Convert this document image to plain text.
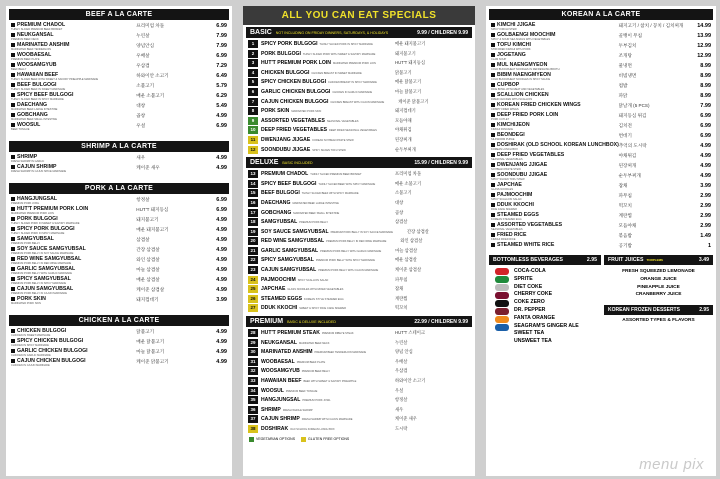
BEEF A LA CARTE
PREMIUM CHADOL
THINLY SLICED PREMIUM BEEF BRISKET
프리미엄 차돌	6.99
NEUKGANSAL
PREMIUM BEEF NECK
누린살	7.99
MARINATED ANSHIM
MARINATED BEEF TENDERLOIN
양념안심	7.99
WOOBAESAL
PREMIUM BEEF PLATE
우배살	6.99
WOOSAMGYUB
BEEF BELLY
우삼겹	7.29
HAWAIIAN BEEF
THINLY SLICED BEEF WITH SWEET & SAVORY PINEAPPLE MARINADE
하와이안 소고기	6.49
BEEF BULGOGI
THINLY SLICED BEEF IN SWEET MARINADE
소불고기	5.79
SPICY BEEF BULGOGI
THINLY SLICED BEEF IN SPICY MARINADE
매운 소불고기	6.29
DAECHANG
MARINATED BEEF LARGE INTESTINE
대창	5.49
GOBCHANG
MARINATED BEEF SMALL INTESTINE
곱창	4.99
WOOSUL
BEEF TONGUE
우설	6.99
SHRIMP A LA CARTE
SHRIMP
FRESH SHRIMP IN GARLIC
새우	4.99
CAJUN SHRIMP
FRESH SHRIMP IN CAJUN SPICE MARINADE
케이준 새우	4.99
PORK A LA CARTE
HANGJUNGSAL
PREMIUM PORK JOWL
항정살	6.99
HUT'T PREMIUM PORK LOIN
MARINATED PREMIUM PORK LOIN
HUT'T 돼지등심	6.99
PORK BULGOGI
THINLY SLICED PORK IN SWEET & SAVORY MARINADE
돼지불고기	4.99
SPICY PORK BULGOGI
THINLY SLICED PORK IN SPICY MARINADE
매운 돼지불고기	4.99
SAMGYUBSAL
PREMIUM PORK BELLY
삼겹살	4.99
SOY SAUCE SAMGYUBSAL
PREMIUM PORK BELLY IN SOY SAUCE MARINADE
간장 삼겹살	4.99
RED WINE SAMGYUBSAL
PREMIUM PORK BELLY IN RED WINE MARINADE
와인 삼겹살	4.99
GARLIC SAMGYUBSAL
PREMIUM PORK BELLY WITH GARLIC MARINADE
마늘 삼겹살	4.99
SPICY SAMGYUBSAL
PREMIUM PORK BELLY IN SPICY MARINADE
매운 삼겹살	4.99
CAJUN SAMGYUBSAL
PREMIUM PORK BELLY IN CAJUN MARINADE
케이준 삼겹살	4.99
PORK SKIN
MARINATED PORK SKIN
돼지껍데기	3.99
CHICKEN A LA CARTE
CHICKEN BULGOGI
CHICKEN IN SWEET MARINADE
닭불고기	4.99
SPICY CHICKEN BULGOGI
CHICKEN IN SPICY MARINADE
매운 닭불고기	4.99
GARLIC CHICKEN BULGOGI
CHICKEN IN GARLIC MARINADE
마늘 닭불고기	4.99
CAJUN CHICKEN BULGOGI
CHICKEN IN CAJUN MARINADE
케이준 닭불고기	4.99
ALL YOU CAN EAT SPECIALS
BASIC NOT INCLUDING ON FRIDAY DINNERS, SATURDAYS, & HOLIDAYS	9.99 / CHILDREN 9.99
1	SPICY PORK BULGOGI THINLY SLICED PORK IN SPICY MARINADE	매운 돼지불고기
2	PORK BULGOGI THINLY SLICED PORK WITH SWEET & SAVORY MARINADE	돼지불고기
3	HUT'T PREMIUM PORK LOIN MARINATED PREMIUM PORK LOIN	HUT'T 돼지등심
4	CHICKEN BULGOGI CHICKEN BREAST IN SWEET MARINADE	닭불고기
5	SPICY CHICKEN BULGOGI CHICKEN BREAST IN SPICY MARINADE	매운 닭불고기
6	GARLIC CHICKEN BULGOGI CHICKEN IN GARLIC MARINADE	마늘 닭불고기
7	CAJUN CHICKEN BULGOGI CHICKEN BREAST WITH CAJUN MARINADE	케이준 닭불고기
8	PORK SKIN MARINATED PORK SKIN	돼지껍데기
9	ASSORTED VEGETABLES SEASONAL VEGETABLES	모듬야채
10	DEEP FRIED VEGETABLES DEEP FRIED SEASONAL VEGETABLES	야채튀김
11	DWENJANG JIJGAE KOREAN SOYBEAN PASTE STEW	된장찌개
12	SOONDUBU JIJGAE SPICY SILKEN TOFU STEW	순두부찌개
DELUXE BASIC INCLUDED	15.99 / CHILDREN 9.99
13	PREMIUM CHADOL THINLY SLICED PREMIUM BEEF BRISKET	프리미엄 차돌
14	SPICY BEEF BULGOGI THINLY SLICED BEEF WITH SPICY MARINADE	매운 소불고기
15	BEEF BULGOGI THINLY SLICED BEEF WITH SPICY MARINADE	소불고기
16	DAECHANG MARINATED BEEF LARGE INTESTINE	대창
17	GOBCHANG MARINATED BEEF SMALL INTESTINE	곱창
18	SAMGYUBSAL PREMIUM PORK BELLY	삼겹살
19	SOY SAUCE SAMGYUBSAL PREMIUM PORK BELLY IN SOY SAUCE MARINADE	간장 삼겹살
20	RED WINE SAMGYUBSAL PREMIUM PORK BELLY IN RED WINE MARINADE	와인 삼겹살
21	GARLIC SAMGYUBSAL PREMIUM PORK BELLY WITH GARLIC MARINADE	마늘 삼겹살
22	SPICY SAMGYUBSAL PREMIUM PORK BELLY WITH SPICY MARINADE	매운 삼겹살
23	CAJUN SAMGYUBSAL PREMIUM PORK BELLY WITH CAJUN MARINADE	케이준 삼겹살
24	PAJMOOCHIM SPICY SCALLION SALAD	파무침
25	JAPCHAE GLASS NOODLES WITH MIXED VEGETABLES	잡채
26	STEAMED EGGS KOREAN STYLE STEAMED EGG	계란찜
27	DDUK KKOCHI SWEET & SPICY RICE CAKE SKEWER	떡꼬치
PREMIUM BASIC & DELUXE INCLUDED	22.99 / CHILDREN 9.99
28	HUT'T PREMIUM STEAK PREMIUM RIBEYE STEAK	HUT'T 스테이크
29	NEUKGANSAL MARINATED BEEF NECK	누린살
30	MARINATED ANSHIM PREMIUM BEEF TENDERLOIN MARINADE	양념 안심
31	WOOBAESAL PREMIUM BEEF PLATE	우배살
32	WOOSAMGYUB PREMIUM BEEF BELLY	우삼겹
33	HAWAIIAN BEEF BEEF WITH SWEET & SAVORY PINEAPPLE	하와이안 소고기
34	WOOSUL PREMIUM BEEF TONGUE	우설
35	HANGJUNGSAL PREMIUM PORK JOWL	항정살
36	SHRIMP FRESH WHOLE SHRIMP	새우
37	CAJUN SHRIMP FRESH SHRIMP WITH CAJUN MARINADE	케이준 새우
38	DOSHIRAK OLD SCHOOL KOREAN LUNCH BOX	도시락
VEGETARIAN OPTIONS	GLUTEN FREE OPTIONS
KOREAN A LA CARTE
KIMCHI JJIGAE
SPICY KIMCHI STEW
돼지고기 / 참치 / 꽁치 / 김치찌개	14.99
GOLBAENGI MOOCHIM
SPICY & SOUR SEA SNAILS WITH VEGETABLES
골뱅이 무침	13.99
TOFU KIMCHI
STIR FRIED KIMCHI WITH PORK
두부김치	12.99
JOGETANG
CLAM SOUP
조개탕	12.99
MUL NAENGMYEON
COLD BUCKWHEAT NOODLES IN REFRESHING BROTH
물냉면	8.99
BIBIM NAENGMYEON
COLD BUCKWHEAT NOODLES IN SPICY SAUCE
비빔냉면	8.99
CUPBOP
RICE BOWL WITH MEAT AND VEGETABLES
컵밥	8.99
SCALLION CHICKEN
FRIED CHICKEN WITH SCALLION
파닭	8.99
KOREAN FRIED CHICKEN WINGS
CRISPY FRIED WINGS
닭날개 (5 PCS)	7.99
DEEP FRIED PORK LOIN
PORK CUTLET
돼지등심 튀김	6.99
KIMCHIJEON
KIMCHI PANCAKE
김치전	6.99
BEONDEGI
SILKWORM PUPAE
번데기	6.99
DOSHIRAK (OLD SCHOOL KOREAN LUNCHBOX)
KOREAN LUNCH BOX
추억의 도시락	4.99
DEEP FRIED VEGETABLES
SEASONAL VEGETABLES
야채튀김	4.99
DWENJANG JJIGAE
SOYBEAN PASTE STEW
된장찌개	4.99
SOONDUBU JJIGAE
SPICY SILKEN TOFU STEW
순두부찌개	4.99
JAPCHAE
GLASS NOODLES
잡채	3.99
PAJMOOCHIM
SPICY SCALLION SALAD
파무침	2.99
DDUK KKOCHI
RICE CAKE SKEWER
떡꼬치	2.99
STEAMED EGGS
KOREAN STEAMED EGG
계란찜	2.99
ASSORTED VEGETABLES
SEASONAL VEGETABLES
모듬야채	2.99
FRIED RICE
KIMCHI FRIED RICE
볶음밥	1.49
STEAMED WHITE RICE	공기밥	1
BOTTOMLESS BEVERAGES	2.95
COCA-COLA
SPRITE
DIET COKE
CHERRY COKE
COKE ZERO
DR. PEPPER
FANTA ORANGE
SEAGRAM'S GINGER ALE
SWEET TEA
UNSWEET TEA
FRUIT JUICES TORPLEM$	3.49
FRESH SQUEEZED LEMONADE
ORANGE JUICE
PINEAPPLE JUICE
CRANBERRY JUICE
KOREAN FROZEN DESSERTS	2.95
ASSORTED TYPES & FLAVORS
menu pix
